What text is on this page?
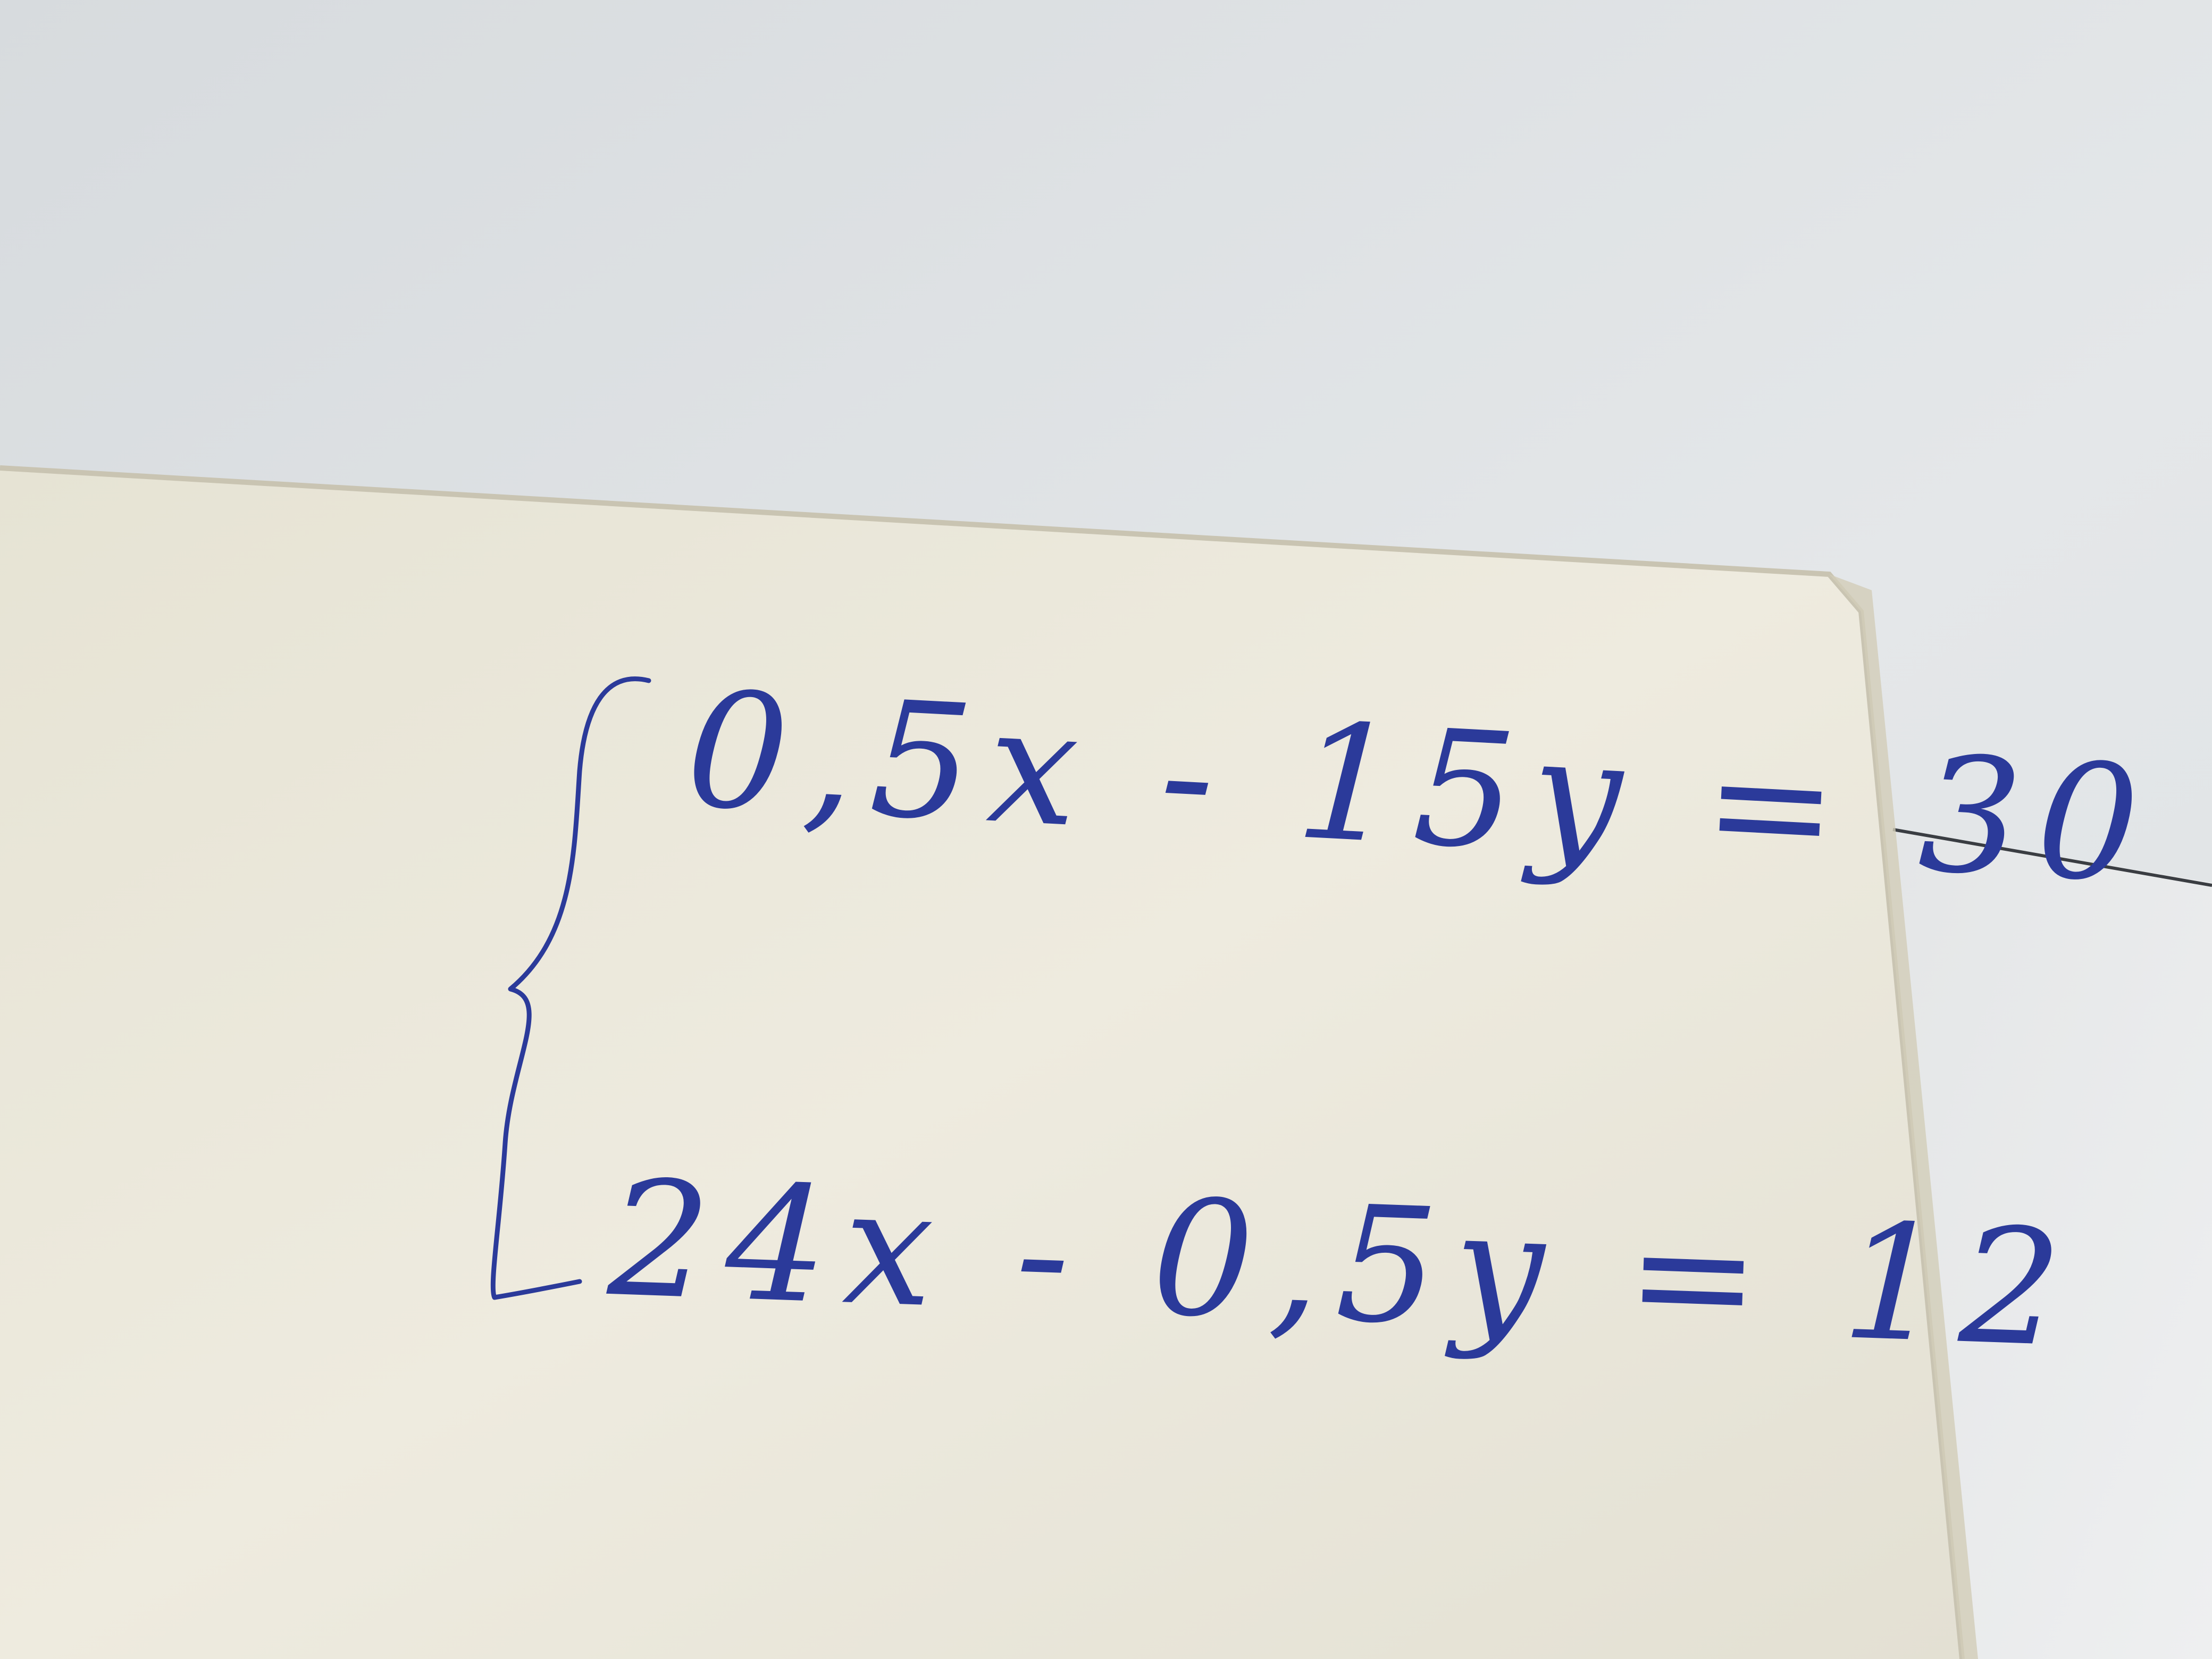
0,5x - 15y = 30
24x - 0,5y = 12
